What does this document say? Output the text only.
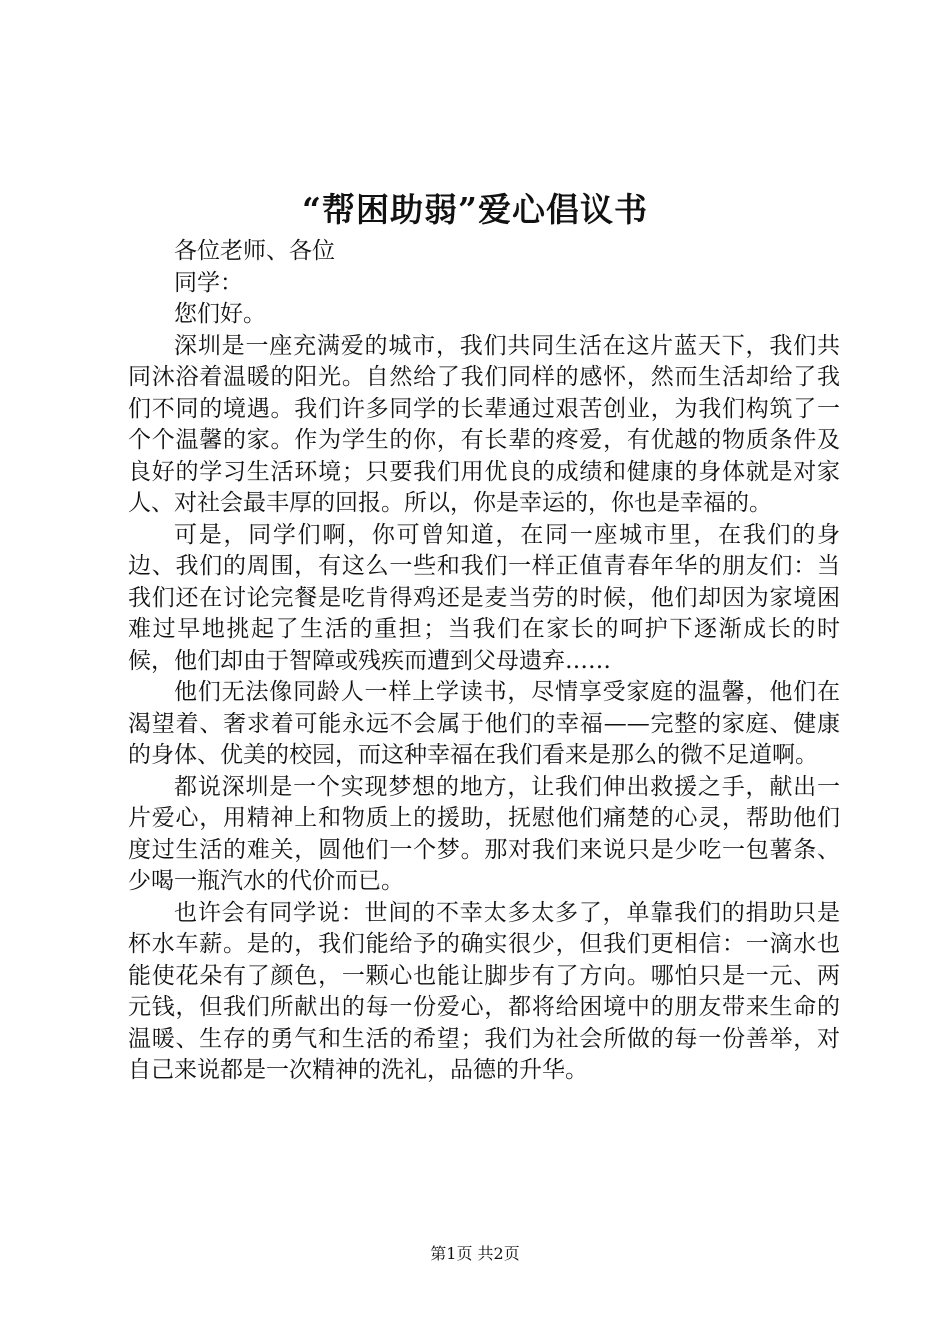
“帮困助弱”爱心倡议书

各位老师、各位

同学：

您们好。

深圳是一座充满爱的城市，我们共同生活在这片蓝天下，我们共同沐浴着温暖的阳光。自然给了我们同样的感怀，然而生活却给了我们不同的境遇。我们许多同学的长辈通过艰苦创业，为我们构筑了一个个温馨的家。作为学生的你，有长辈的疼爱，有优越的物质条件及良好的学习生活环境；只要我们用优良的成绩和健康的身体就是对家人、对社会最丰厚的回报。所以，你是幸运的，你也是幸福的。

可是，同学们啊，你可曾知道，在同一座城市里，在我们的身边、我们的周围，有这么一些和我们一样正值青春年华的朋友们：当我们还在讨论完餐是吃肯得鸡还是麦当劳的时候，他们却因为家境困难过早地挑起了生活的重担；当我们在家长的呵护下逐渐成长的时候，他们却由于智障或残疾而遭到父母遗弃……

他们无法像同龄人一样上学读书，尽情享受家庭的温馨，他们在渴望着、奢求着可能永远不会属于他们的幸福——完整的家庭、健康的身体、优美的校园，而这种幸福在我们看来是那么的微不足道啊。

都说深圳是一个实现梦想的地方，让我们伸出救援之手，献出一片爱心，用精神上和物质上的援助，抚慰他们痛楚的心灵，帮助他们度过生活的难关，圆他们一个梦。那对我们来说只是少吃一包薯条、少喝一瓶汽水的代价而已。

也许会有同学说：世间的不幸太多太多了，单靠我们的捐助只是杯水车薪。是的，我们能给予的确实很少，但我们更相信：一滴水也能使花朵有了颜色，一颗心也能让脚步有了方向。哪怕只是一元、两元钱，但我们所献出的每一份爱心，都将给困境中的朋友带来生命的温暖、生存的勇气和生活的希望；我们为社会所做的每一份善举，对自己来说都是一次精神的洗礼，品德的升华。

第1页 共2页
